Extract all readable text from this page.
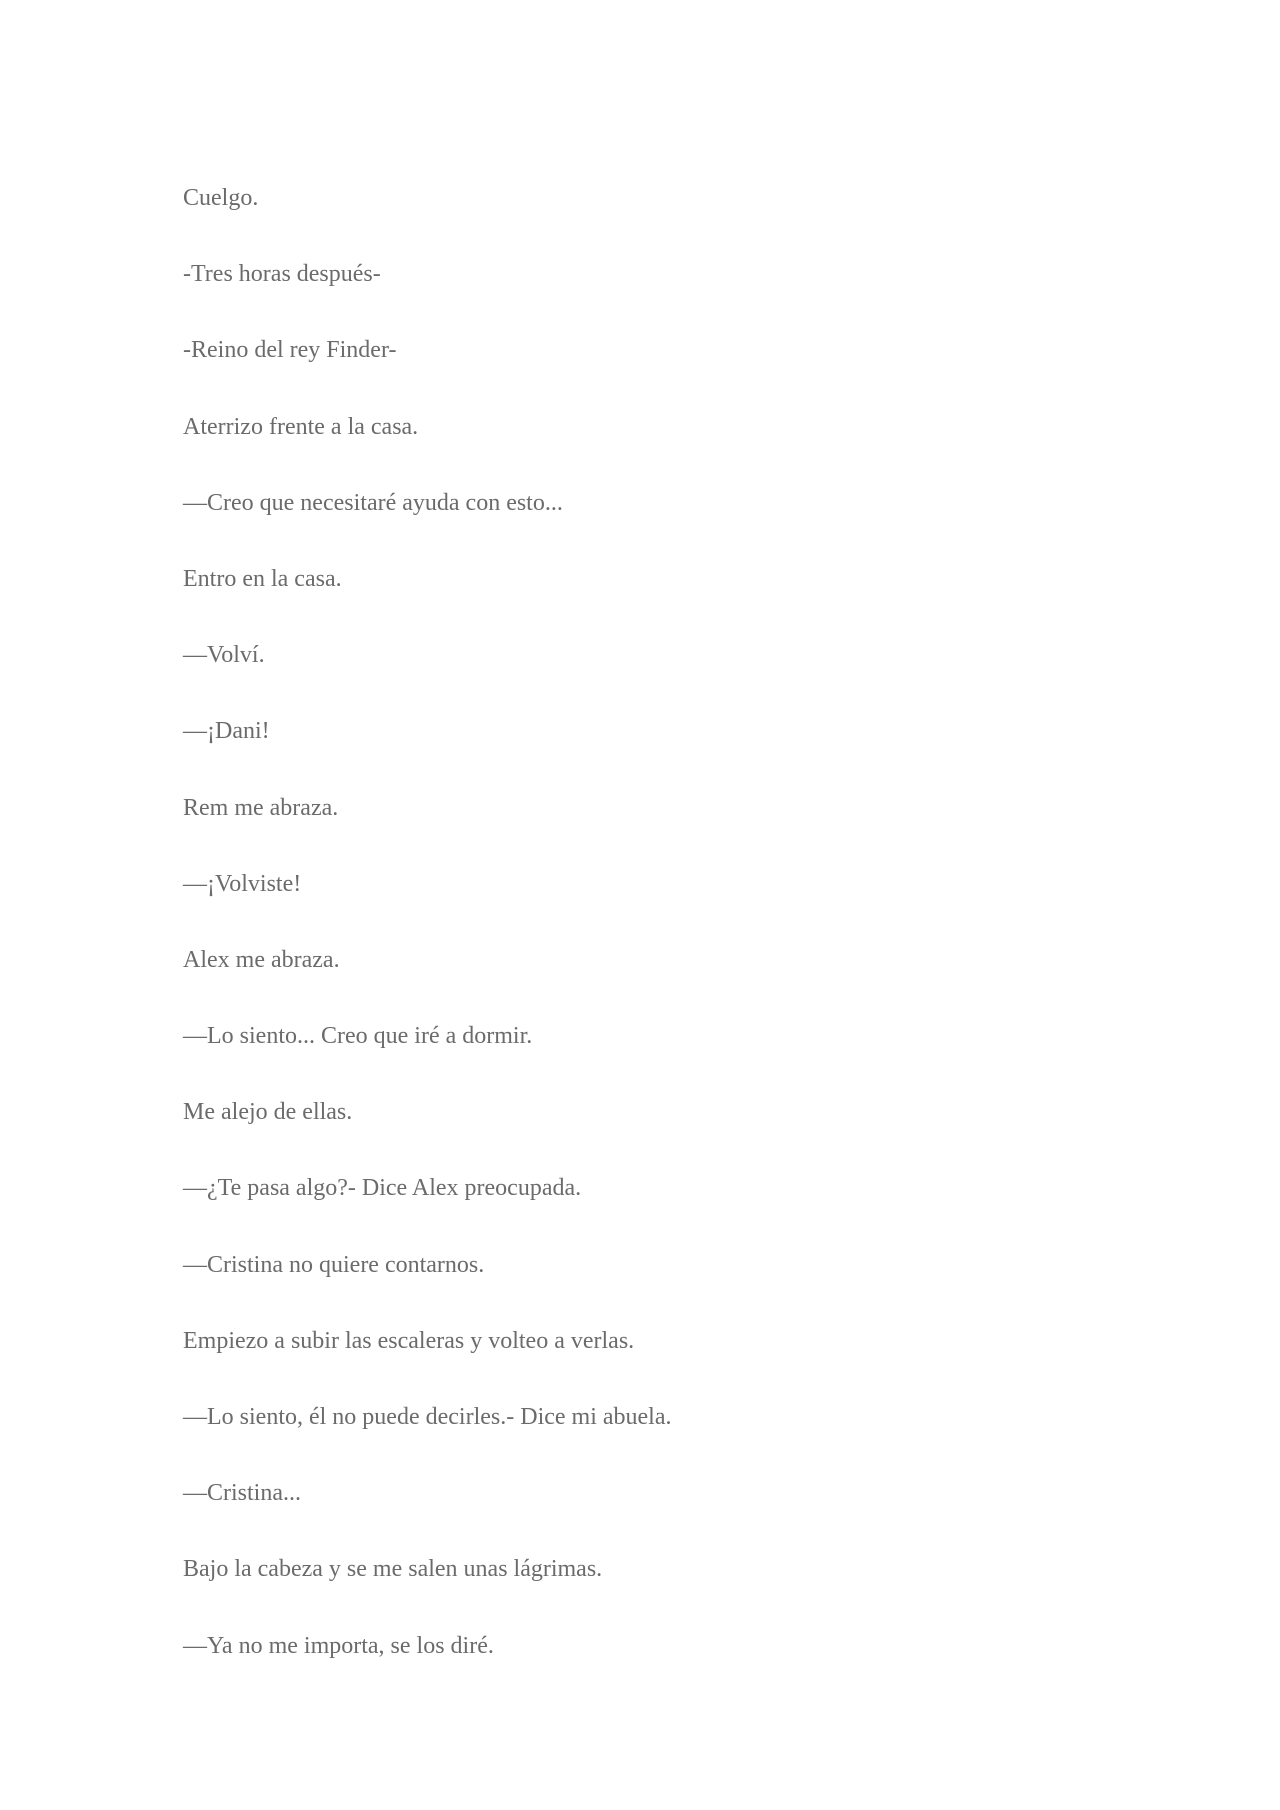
Cuelgo.

-Tres horas después-

-Reino del rey Finder-

Aterrizo frente a la casa.

—Creo que necesitaré ayuda con esto...

Entro en la casa.

—Volví.

—¡Dani!

Rem me abraza.

—¡Volviste!

Alex me abraza.

—Lo siento... Creo que iré a dormir.

Me alejo de ellas.

—¿Te pasa algo?- Dice Alex preocupada.

—Cristina no quiere contarnos.

Empiezo a subir las escaleras y volteo a verlas.

—Lo siento, él no puede decirles.- Dice mi abuela.

—Cristina...

Bajo la cabeza y se me salen unas lágrimas.

—Ya no me importa, se los diré.
